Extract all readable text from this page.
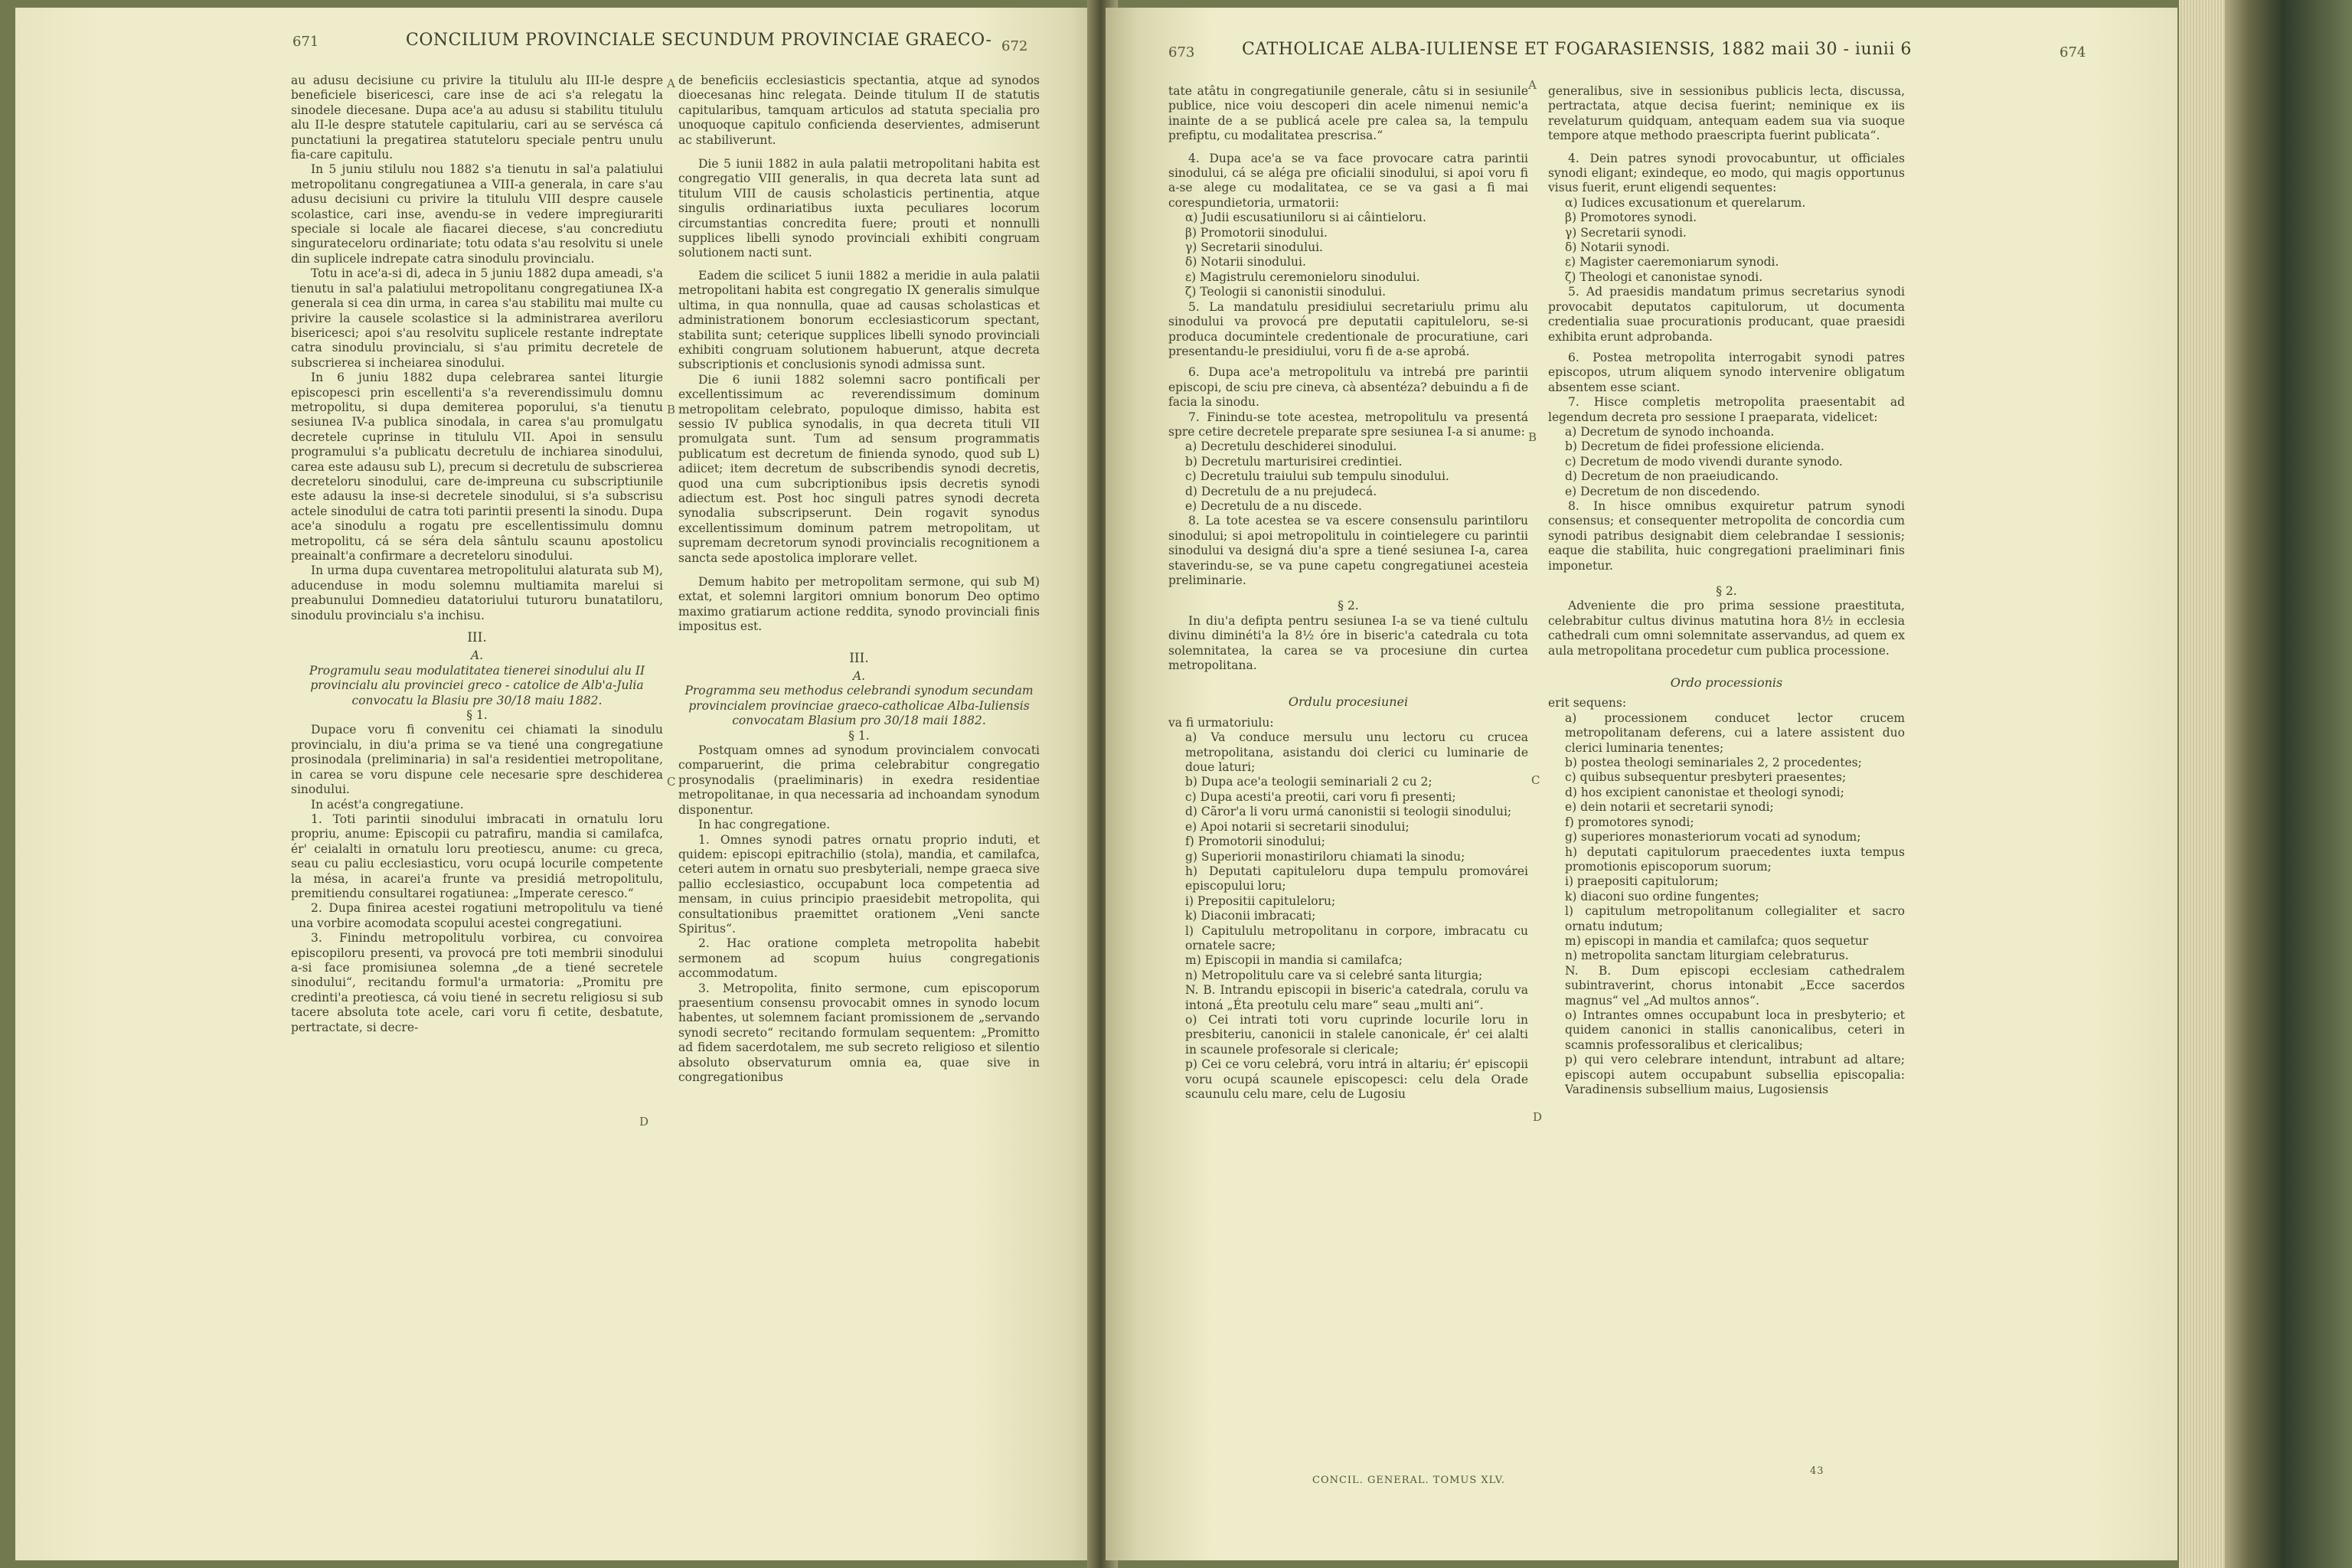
671	CONCILIUM PROVINCIALE SECUNDUM PROVINCIAE GRAECO- 672

au adusu decisiune cu privire la titululu alu III-le despre beneficiele bisericesci, care inse de aci s'a relegatu la sinodele diecesane. Dupa ace'a au adusu si stabilitu titululu alu II-le despre statutele capitulariu, cari au se servésca cá punctatiuni la pregatirea statuteloru speciale pentru unulu fia-care capitulu.

In 5 juniu stilulu nou 1882 s'a tienutu in sal'a palatiului metropolitanu congregatiunea a VIII-a generala, in care s'au adusu decisiuni cu privire la titululu VIII despre causele scolastice, cari inse, avendu-se in vedere impregiurariti speciale si locale ale fiacarei diecese, s'au concrediutu singurateceloru ordinariate; totu odata s'au resolvitu si unele din suplicele indrepate catra sinodulu provincialu.

Totu in ace'a-si di, adeca in 5 juniu 1882 dupa ameadi, s'a tienutu in sal'a palatiului metropolitanu congregatiunea IX-a generala si cea din urma, in carea s'au stabilitu mai multe cu privire la causele scolastice si la administrarea averiloru bisericesci; apoi s'au resolvitu suplicele restante indreptate catra sinodulu provincialu, si s'au primitu decretele de subscrierea si incheiarea sinodului.

In 6 juniu 1882 dupa celebrarea santei liturgie episcopesci prin escellenti'a s'a reverendissimulu domnu metropolitu, si dupa demiterea poporului, s'a tienutu sesiunea IV-a publica sinodala, in carea s'au promulgatu decretele cuprinse in titululu VII. Apoi in sensulu programului s'a publicatu decretulu de inchiarea sinodului, carea este adausu sub L), precum si decretulu de subscrierea decreteloru sinodului, care de-impreuna cu subscriptiunile este adausu la inse-si decretele sinodului, si s'a subscrisu actele sinodului de catra toti parintii presenti la sinodu. Dupa ace'a sinodulu a rogatu pre escellentissimulu domnu metropolitu, cá se séra dela sântulu scaunu apostolicu preainalt'a confirmare a decreteloru sinodului.

In urma dupa cuventarea metropolitului alaturata sub M), aducenduse in modu solemnu multiamita marelui si preabunului Domnedieu datatoriului tuturoru bunatatiloru, sinodulu provincialu s'a inchisu.

III.

A.

Programulu seau modulatitatea tienerei sinodului alu II provincialu alu provinciei greco - catolice de Alb'a-Julia convocatu la Blasiu pre 30/18 maiu 1882.

§ 1.

Dupace voru fi convenitu cei chiamati la sinodulu provincialu, in diu'a prima se va tiené una congregatiune prosinodala (preliminaria) in sal'a residentiei metropolitane, in carea se voru dispune cele necesarie spre deschiderea sinodului.

In acést'a congregatiune.

1. Toti parintii sinodului imbracati in ornatulu loru propriu, anume: Episcopii cu patrafiru, mandia si camilafca, ér' ceialalti in ornatulu loru preotiescu, anume: cu greca, seau cu paliu ecclesiasticu, voru ocupá locurile competente la mésa, in acarei'a frunte va presidiá metropolitulu, premitiendu consultarei rogatiunea: „Imperate ceresco.“

2. Dupa finirea acestei rogatiuni metropolitulu va tiené una vorbire acomodata scopului acestei congregatiuni.

3. Finindu metropolitulu vorbirea, cu convoirea episcopiloru presenti, va provocá pre toti membrii sinodului a-si face promisiunea solemna „de a tiené secretele sinodului“, recitandu formul'a urmatoria: „Promitu pre credinti'a preotiesca, cá voiu tiené in secretu religiosu si sub tacere absoluta tote acele, cari voru fi cetite, desbatute, pertractate, si decre-

A
B
C
D

de beneficiis ecclesiasticis spectantia, atque ad synodos dioecesanas hinc relegata. Deinde titulum II de statutis capitularibus, tamquam articulos ad statuta specialia pro unoquoque capitulo conficienda deservientes, admiserunt ac stabiliverunt.

Die 5 iunii 1882 in aula palatii metropolitani habita est congregatio VIII generalis, in qua decreta lata sunt ad titulum VIII de causis scholasticis pertinentia, atque singulis ordinariatibus iuxta peculiares locorum circumstantias concredita fuere; prouti et nonnulli supplices libelli synodo provinciali exhibiti congruam solutionem nacti sunt.

Eadem die scilicet 5 iunii 1882 a meridie in aula palatii metropolitani habita est congregatio IX generalis simulque ultima, in qua nonnulla, quae ad causas scholasticas et administrationem bonorum ecclesiasticorum spectant, stabilita sunt; ceterique supplices libelli synodo provinciali exhibiti congruam solutionem habuerunt, atque decreta subscriptionis et conclusionis synodi admissa sunt.

Die 6 iunii 1882 solemni sacro pontificali per excellentissimum ac reverendissimum dominum metropolitam celebrato, populoque dimisso, habita est sessio IV publica synodalis, in qua decreta tituli VII promulgata sunt. Tum ad sensum programmatis publicatum est decretum de finienda synodo, quod sub L) adiicet; item decretum de subscribendis synodi decretis, quod una cum subcriptionibus ipsis decretis synodi adiectum est. Post hoc singuli patres synodi decreta synodalia subscripserunt. Dein rogavit synodus excellentissimum dominum patrem metropolitam, ut supremam decretorum synodi provincialis recognitionem a sancta sede apostolica implorare vellet.

Demum habito per metropolitam sermone, qui sub M) extat, et solemni largitori omnium bonorum Deo optimo maximo gratiarum actione reddita, synodo provinciali finis impositus est.

III.

A.

Programma seu methodus celebrandi synodum secundam provincialem provinciae graeco-catholicae Alba-Iuliensis convocatam Blasium pro 30/18 maii 1882.

§ 1.

Postquam omnes ad synodum provincialem convocati comparuerint, die prima celebrabitur congregatio prosynodalis (praeliminaris) in exedra residentiae metropolitanae, in qua necessaria ad inchoandam synodum disponentur.

In hac congregatione.

1. Omnes synodi patres ornatu proprio induti, et quidem: episcopi epitrachilio (stola), mandia, et camilafca, ceteri autem in ornatu suo presbyteriali, nempe graeca sive pallio ecclesiastico, occupabunt loca competentia ad mensam, in cuius principio praesidebit metropolita, qui consultationibus praemittet orationem „Veni sancte Spiritus“.

2. Hac oratione completa metropolita habebit sermonem ad scopum huius congregationis accommodatum.

3. Metropolita, finito sermone, cum episcoporum praesentium consensu provocabit omnes in synodo locum habentes, ut solemnem faciant promissionem de „servando synodi secreto“ recitando formulam sequentem: „Promitto ad fidem sacerdotalem, me sub secreto religioso et silentio absoluto observaturum omnia ea, quae sive in congregationibus

673	CATHOLICAE ALBA-IULIENSE ET FOGARASIENSIS, 1882 maii 30 - iunii 6	674

tate atâtu in congregatiunile generale, câtu si in sesiunile publice, nice voiu descoperi din acele nimenui nemic'a inainte de a se publicá acele pre calea sa, la tempulu prefiptu, cu modalitatea prescrisa.“

4. Dupa ace'a se va face provocare catra parintii sinodului, cá se aléga pre oficialii sinodului, si apoi voru fi a-se alege cu modalitatea, ce se va gasi a fi mai corespundietoria, urmatorii:

α) Judii escusatiuniloru si ai câintieloru.

β) Promotorii sinodului.

γ) Secretarii sinodului.

δ) Notarii sinodului.

ε) Magistrulu ceremonieloru sinodului.

ζ) Teologii si canonistii sinodului.

5. La mandatulu presidiului secretariulu primu alu sinodului va provocá pre deputatii capituleloru, se-si produca documintele credentionale de procuratiune, cari presentandu-le presidiului, voru fi de a-se aprobá.

6. Dupa ace'a metropolitulu va intrebá pre parintii episcopi, de sciu pre cineva, cà absentéza? debuindu a fi de facia la sinodu.

7. Finindu-se tote acestea, metropolitulu va presentá spre cetire decretele preparate spre sesiunea I-a si anume:

a) Decretulu deschiderei sinodului.

b) Decretulu marturisirei credintiei.

c) Decretulu traiului sub tempulu sinodului.

d) Decretulu de a nu prejudecá.

e) Decretulu de a nu discede.

8. La tote acestea se va escere consensulu parintiloru sinodului; si apoi metropolitulu in cointielegere cu parintii sinodului va designá diu'a spre a tiené sesiunea I-a, carea staverindu-se, se va pune capetu congregatiunei acesteia preliminarie.

§ 2.

In diu'a defipta pentru sesiunea I-a se va tiené cultulu divinu diminéti'a la 8½ óre in biseric'a catedrala cu tota solemnitatea, la carea se va procesiune din curtea metropolitana.

Ordulu procesiunei

va fi urmatoriulu:

a) Va conduce mersulu unu lectoru cu crucea metropolitana, asistandu doi clerici cu luminarie de doue laturi;

b) Dupa ace'a teologii seminariali 2 cu 2;

c) Dupa acesti'a preotii, cari voru fi presenti;

d) Cãror'a li voru urmá canonistii si teologii sinodului;

e) Apoi notarii si secretarii sinodului;

f) Promotorii sinodului;

g) Superiorii monastiriloru chiamati la sinodu;

h) Deputati capituleloru dupa tempulu promovárei episcopului loru;

i) Prepositii capituleloru;

k) Diaconii imbracati;

l) Capitululu metropolitanu in corpore, imbracatu cu ornatele sacre;

m) Episcopii in mandia si camilafca;

n) Metropolitulu care va si celebré santa liturgia;

N. B. Intrandu episcopii in biseric'a catedrala, corulu va intoná „Éta preotulu celu mare“ seau „multi ani“.

o) Cei intrati toti voru cuprinde locurile loru in presbiteriu, canonicii in stalele canonicale, ér' cei alalti in scaunele profesorale si clericale;

p) Cei ce voru celebrá, voru intrá in altariu; ér' episcopii voru ocupá scaunele episcopesci: celu dela Orade scaunulu celu mare, celu de Lugosiu

A
B
C
D

generalibus, sive in sessionibus publicis lecta, discussa, pertractata, atque decisa fuerint; neminique ex iis revelaturum quidquam, antequam eadem sua via suoque tempore atque methodo praescripta fuerint publicata“.

4. Dein patres synodi provocabuntur, ut officiales synodi eligant; exindeque, eo modo, qui magis opportunus visus fuerit, erunt eligendi sequentes:

α) Iudices excusationum et querelarum.

β) Promotores synodi.

γ) Secretarii synodi.

δ) Notarii synodi.

ε) Magister caeremoniarum synodi.

ζ) Theologi et canonistae synodi.

5. Ad praesidis mandatum primus secretarius synodi provocabit deputatos capitulorum, ut documenta credentialia suae procurationis producant, quae praesidi exhibita erunt adprobanda.

6. Postea metropolita interrogabit synodi patres episcopos, utrum aliquem synodo intervenire obligatum absentem esse sciant.

7. Hisce completis metropolita praesentabit ad legendum decreta pro sessione I praeparata, videlicet:

a) Decretum de synodo inchoanda.

b) Decretum de fidei professione elicienda.

c) Decretum de modo vivendi durante synodo.

d) Decretum de non praeiudicando.

e) Decretum de non discedendo.

8. In hisce omnibus exquiretur patrum synodi consensus; et consequenter metropolita de concordia cum synodi patribus designabit diem celebrandae I sessionis; eaque die stabilita, huic congregationi praeliminari finis imponetur.

§ 2.

Adveniente die pro prima sessione praestituta, celebrabitur cultus divinus matutina hora 8½ in ecclesia cathedrali cum omni solemnitate asservandus, ad quem ex aula metropolitana procedetur cum publica processione.

Ordo processionis

erit sequens:

a) processionem conducet lector crucem metropolitanam deferens, cui a latere assistent duo clerici luminaria tenentes;

b) postea theologi seminariales 2, 2 procedentes;

c) quibus subsequentur presbyteri praesentes;

d) hos excipient canonistae et theologi synodi;

e) dein notarii et secretarii synodi;

f) promotores synodi;

g) superiores monasteriorum vocati ad synodum;

h) deputati capitulorum praecedentes iuxta tempus promotionis episcoporum suorum;

i) praepositi capitulorum;

k) diaconi suo ordine fungentes;

l) capitulum metropolitanum collegialiter et sacro ornatu indutum;

m) episcopi in mandia et camilafca; quos sequetur

n) metropolita sanctam liturgiam celebraturus.

N. B. Dum episcopi ecclesiam cathedralem subintraverint, chorus intonabit „Ecce sacerdos magnus“ vel „Ad multos annos“.

o) Intrantes omnes occupabunt loca in presbyterio; et quidem canonici in stallis canonicalibus, ceteri in scamnis professoralibus et clericalibus;

p) qui vero celebrare intendunt, intrabunt ad altare; episcopi autem occupabunt subsellia episcopalia: Varadinensis subsellium maius, Lugosiensis

CONCIL. GENERAL. TOMUS XLV.
43
